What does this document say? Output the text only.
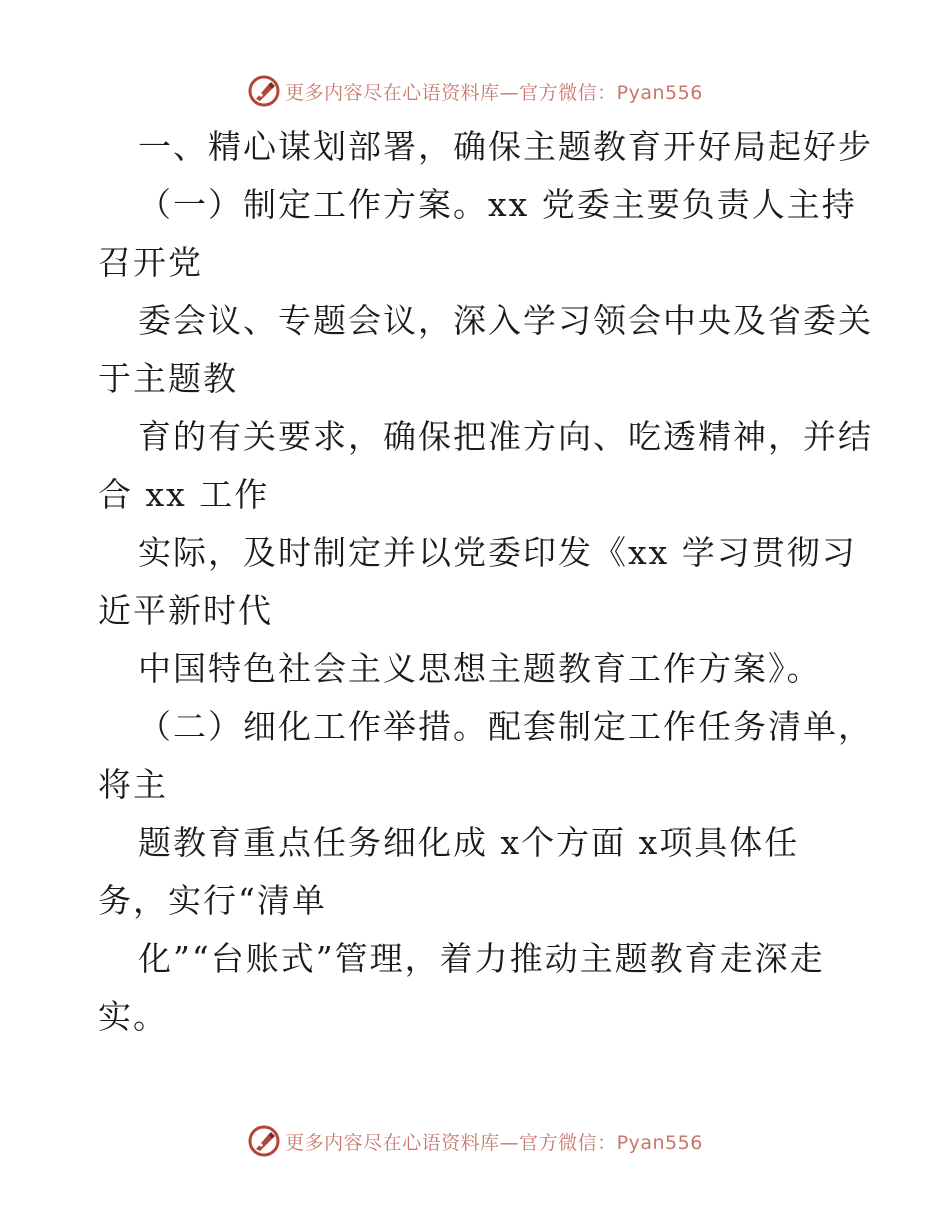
更多内容尽在心语资料库—官方微信：Pyan556

一、精心谋划部署，确保主题教育开好局起好步

（一）制定工作方案。xx 党委主要负责人主持

召开党

委会议、专题会议，深入学习领会中央及省委关

于主题教

育的有关要求，确保把准方向、吃透精神，并结

合 xx 工作

实际，及时制定并以党委印发《xx 学习贯彻习

近平新时代

中国特色社会主义思想主题教育工作方案》。

（二）细化工作举措。配套制定工作任务清单，

将主

题教育重点任务细化成 x个方面 x项具体任

务，实行“清单

化”“台账式”管理，着力推动主题教育走深走

实。

更多内容尽在心语资料库—官方微信：Pyan556
